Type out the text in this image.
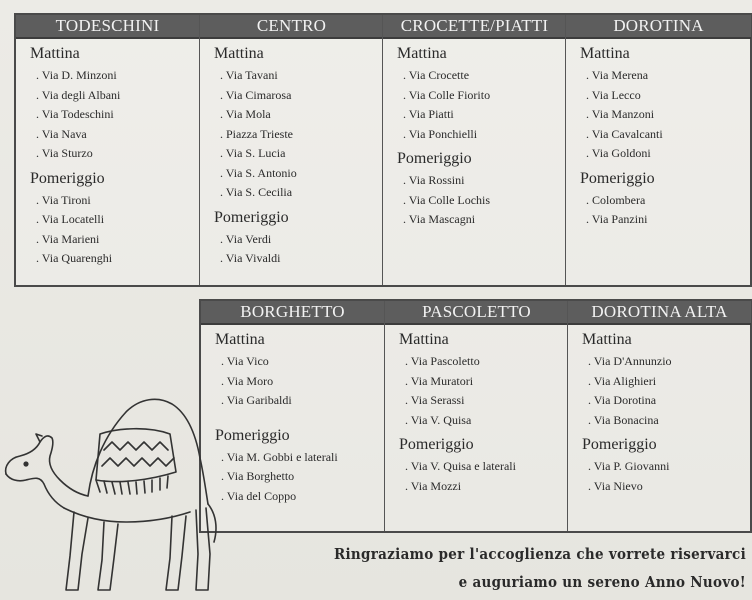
TODESCHINI
Mattina
. Via D. Minzoni
. Via degli Albani
. Via Todeschini
. Via Nava
. Via Sturzo
Pomeriggio
. Via Tironi
. Via Locatelli
. Via Marieni
. Via Quarenghi
CENTRO
Mattina
. Via Tavani
. Via Cimarosa
. Via Mola
. Piazza Trieste
. Via S. Lucia
. Via S. Antonio
. Via S. Cecilia
Pomeriggio
. Via Verdi
. Via Vivaldi
CROCETTE/PIATTI
Mattina
. Via Crocette
. Via Colle Fiorito
. Via Piatti
. Via Ponchielli
Pomeriggio
. Via Rossini
. Via Colle Lochis
. Via Mascagni
DOROTINA
Mattina
. Via Merena
. Via Lecco
. Via Manzoni
. Via Cavalcanti
. Via Goldoni
Pomeriggio
. Colombera
. Via Panzini
BORGHETTO
Mattina
. Via Vico
. Via Moro
. Via Garibaldi
Pomeriggio
. Via M. Gobbi e laterali
. Via Borghetto
. Via del Coppo
PASCOLETTO
Mattina
. Via Pascoletto
. Via Muratori
. Via Serassi
. Via V. Quisa
Pomeriggio
. Via V. Quisa e laterali
. Via Mozzi
DOROTINA ALTA
Mattina
. Via D'Annunzio
. Via Alighieri
. Via Dorotina
. Via Bonacina
Pomeriggio
. Via P. Giovanni
. Via Nievo
Ringraziamo per l'accoglienza che vorrete riservarci
e auguriamo un sereno Anno Nuovo!
